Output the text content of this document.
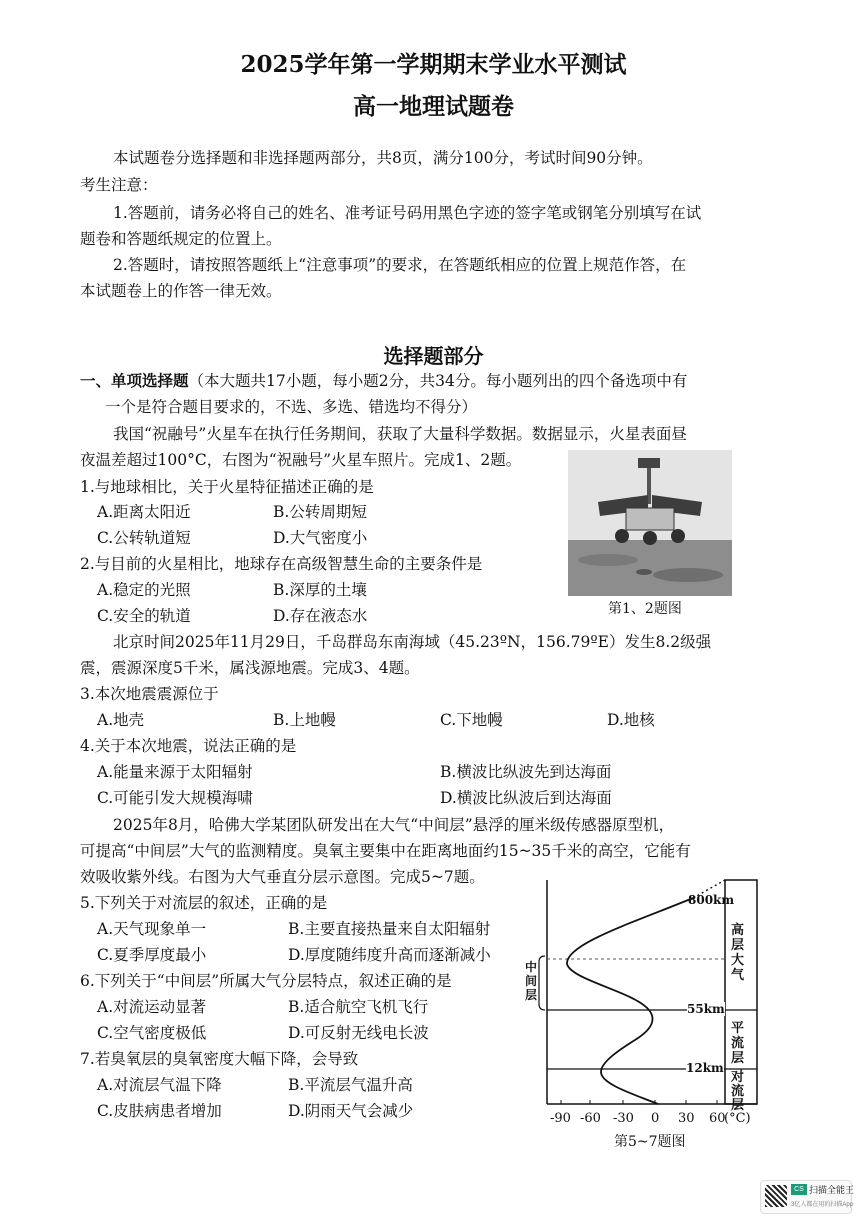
2025学年第一学期期末学业水平测试
高一地理试题卷
本试题卷分选择题和非选择题两部分，共8页，满分100分，考试时间90分钟。
考生注意：
1.答题前，请务必将自己的姓名、准考证号码用黑色字迹的签字笔或钢笔分别填写在试
题卷和答题纸规定的位置上。
2.答题时，请按照答题纸上“注意事项”的要求，在答题纸相应的位置上规范作答，在
本试题卷上的作答一律无效。
选择题部分
一、单项选择题（本大题共17小题，每小题2分，共34分。每小题列出的四个备选项中有
一个是符合题目要求的，不选、多选、错选均不得分）
我国“祝融号”火星车在执行任务期间，获取了大量科学数据。数据显示，火星表面昼
夜温差超过100°C，右图为“祝融号”火星车照片。完成1、2题。
第1、2题图
1.与地球相比，关于火星特征描述正确的是
A.距离太阳近	B.公转周期短
C.公转轨道短	D.大气密度小
2.与目前的火星相比，地球存在高级智慧生命的主要条件是
A.稳定的光照	B.深厚的土壤
C.安全的轨道	D.存在液态水
北京时间2025年11月29日，千岛群岛东南海域（45.23ºN，156.79ºE）发生8.2级强
震，震源深度5千米，属浅源地震。完成3、4题。
3.本次地震震源位于
A.地壳	B.上地幔	C.下地幔	D.地核
4.关于本次地震，说法正确的是
A.能量来源于太阳辐射	B.横波比纵波先到达海面
C.可能引发大规模海啸	D.横波比纵波后到达海面
2025年8月，哈佛大学某团队研发出在大气“中间层”悬浮的厘米级传感器原型机，
可提高“中间层”大气的监测精度。臭氧主要集中在距离地面约15~35千米的高空，它能有
效吸收紫外线。右图为大气垂直分层示意图。完成5~7题。
5.下列关于对流层的叙述，正确的是
A.天气现象单一	B.主要直接热量来自太阳辐射
C.夏季厚度最小	D.厚度随纬度升高而逐渐减小
6.下列关于“中间层”所属大气分层特点，叙述正确的是
A.对流运动显著	B.适合航空飞机飞行
C.空气密度极低	D.可反射无线电长波
7.若臭氧层的臭氧密度大幅下降，会导致
A.对流层气温下降	B.平流层气温升高
C.皮肤病患者增加	D.阴雨天气会减少
800km
55km
12km
高层大气
平流层
对流层
中间层
-90 -60 -30 0 30 60
(°C)
第5~7题图
CS 扫描全能王
3亿人都在用的扫描App
